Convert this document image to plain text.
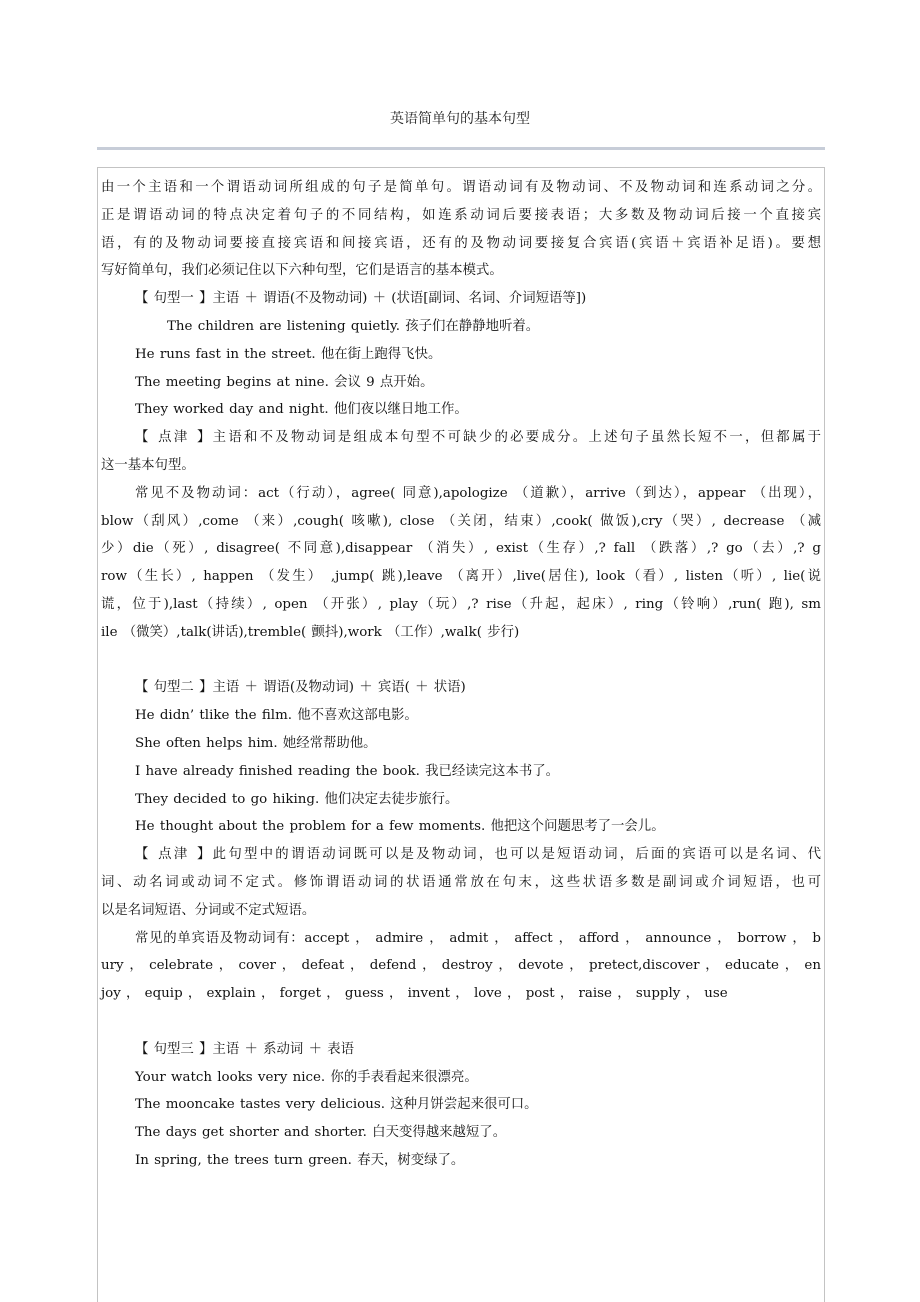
英语简单句的基本句型
由一个主语和一个谓语动词所组成的句子是简单句。谓语动词有及物动词、不及物动词和连系动词之分。
正是谓语动词的特点决定着句子的不同结构，如连系动词后要接表语；大多数及物动词后接一个直接宾
语，有的及物动词要接直接宾语和间接宾语，还有的及物动词要接复合宾语(宾语＋宾语补足语)。要想
写好简单句，我们必须记住以下六种句型，它们是语言的基本模式。
【 句型一 】主语 ＋ 谓语(不及物动词) ＋ (状语[副词、名词、介词短语等])
The children are listening quietly. 孩子们在静静地听着。
He runs fast in the street. 他在街上跑得飞快。
The meeting begins at nine. 会议 9 点开始。
They worked day and night. 他们夜以继日地工作。
【 点津 】主语和不及物动词是组成本句型不可缺少的必要成分。上述句子虽然长短不一，但都属于
这一基本句型。
常见不及物动词：act（行动），agree( 同意),apologize （道歉），arrive（到达），appear （出现），
blow（刮风）,come （来）,cough( 咳嗽), close （关闭，结束）,cook( 做饭),cry（哭）, decrease （减
少）die（死）, disagree( 不同意),disappear （消失）, exist（生存）,? fall （跌落）,? go（去）,? g
row（生长）, happen （发生） ,jump( 跳),leave （离开）,live(居住), look（看）, listen（听）, lie(说
谎，位于),last（持续）, open （开张）, play（玩）,? rise（升起，起床）, ring（铃响）,run( 跑), sm
ile （微笑）,talk(讲话),tremble( 颤抖),work （工作）,walk( 步行)
【 句型二 】主语 ＋ 谓语(及物动词) ＋ 宾语( ＋ 状语)
He didn’ tlike the film. 他不喜欢这部电影。
She often helps him. 她经常帮助他。
I have already finished reading the book. 我已经读完这本书了。
They decided to go hiking. 他们决定去徒步旅行。
He thought about the problem for a few moments. 他把这个问题思考了一会儿。
【 点津 】此句型中的谓语动词既可以是及物动词，也可以是短语动词，后面的宾语可以是名词、代
词、动名词或动词不定式。修饰谓语动词的状语通常放在句末，这些状语多数是副词或介词短语，也可
以是名词短语、分词或不定式短语。
常见的单宾语及物动词有：accept ， admire ， admit ， affect ， afford ， announce ， borrow ， b
ury ， celebrate ， cover ， defeat ， defend ， destroy ， devote ， pretect,discover ， educate ， en
joy ， equip ， explain ， forget ， guess ， invent ， love ， post ， raise ， supply ， use
【 句型三 】主语 ＋ 系动词 ＋ 表语
Your watch looks very nice. 你的手表看起来很漂亮。
The mooncake tastes very delicious. 这种月饼尝起来很可口。
The days get shorter and shorter. 白天变得越来越短了。
In spring, the trees turn green. 春天，树变绿了。
